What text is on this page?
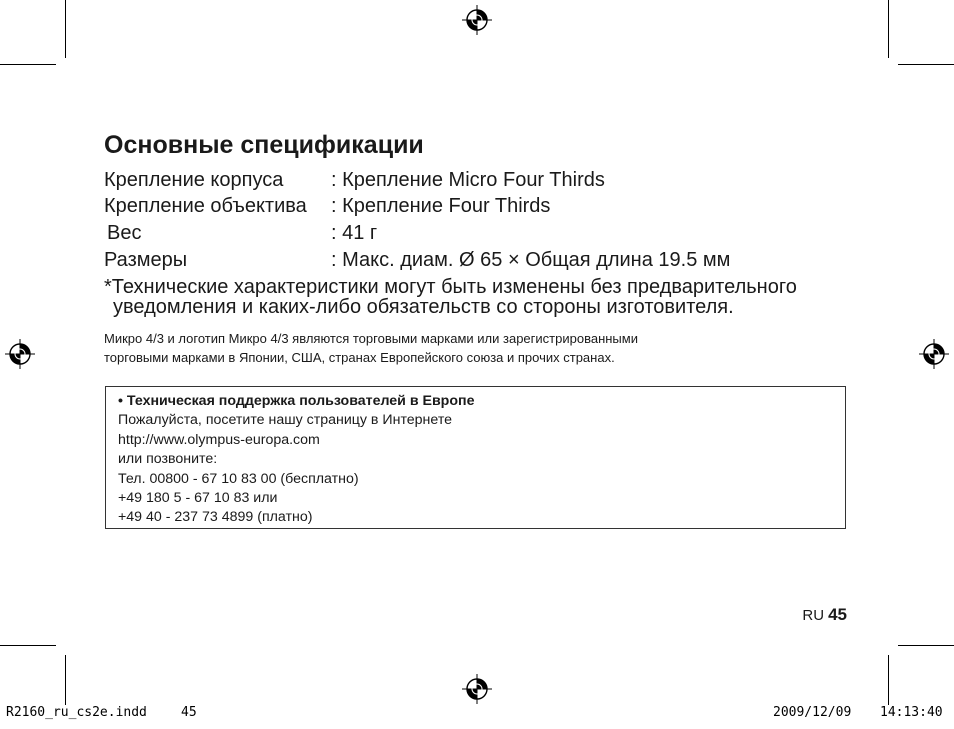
Основные спецификации
Крепление корпуса : Крепление Micro Four Thirds
Крепление объектива : Крепление Four Thirds
Вес	: 41 г
Размеры	: Макс. диам. Ø 65 × Общая длина 19.5 мм
*Технические характеристики могут быть изменены без предварительного
уведомления и каких-либо обязательств со стороны изготовителя.
Микро 4/3 и логотип Микро 4/3 являются торговыми марками или зарегистрированными
торговыми марками в Японии, США, странах Европейского союза и прочих странах.
• Техническая поддержка пользователей в Европе
Пожалуйста, посетите нашу страницу в Интернете
http://www.olympus-europa.com
или позвоните:
Тел. 00800 - 67 10 83 00 (бесплатно)
+49 180 5 - 67 10 83 или
+49 40 - 237 73 4899 (платно)
RU 45
R2160_ru_cs2e.indd	45	2009/12/09 14:13:40
